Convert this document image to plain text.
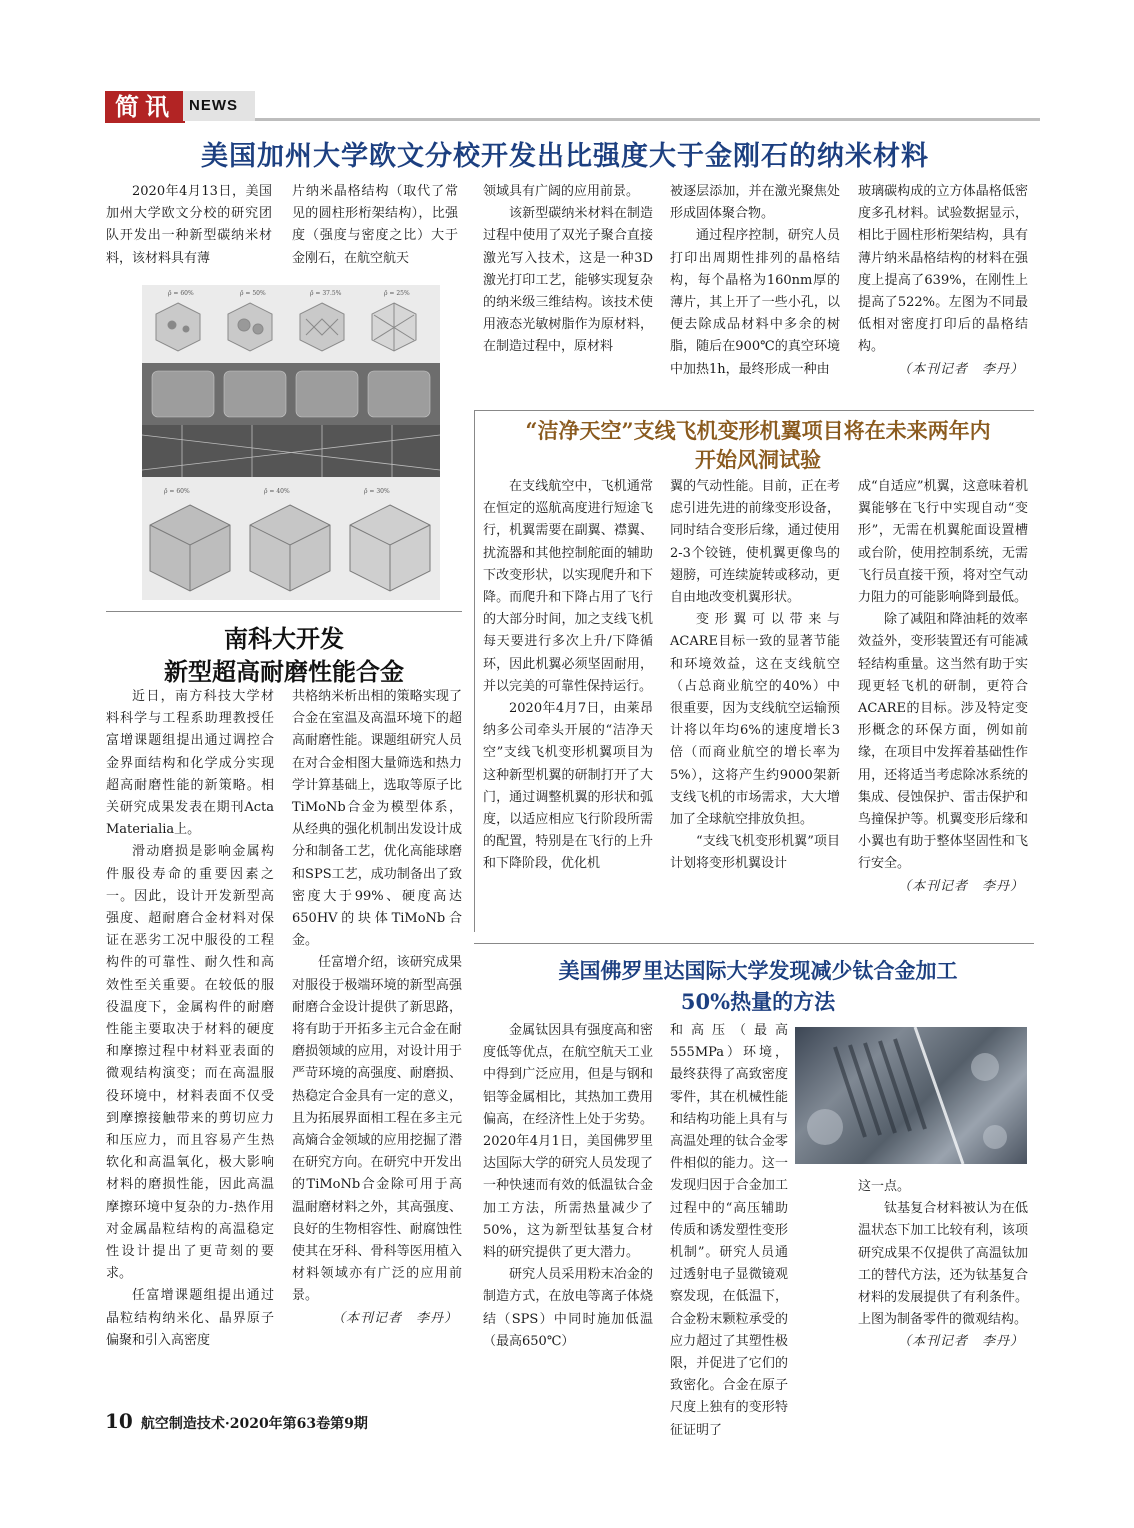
简讯 NEWS
美国加州大学欧文分校开发出比强度大于金刚石的纳米材料

2020年4月13日，美国加州大学欧文分校的研究团队开发出一种新型碳纳米材料，该材料具有薄

片纳米晶格结构（取代了常见的圆柱形桁架结构），比强度（强度与密度之比）大于金刚石，在航空航天

领域具有广阔的应用前景。

该新型碳纳米材料在制造过程中使用了双光子聚合直接激光写入技术，这是一种3D激光打印工艺，能够实现复杂的纳米级三维结构。该技术使用液态光敏树脂作为原材料，在制造过程中，原材料

被逐层添加，并在激光聚焦处形成固体聚合物。

通过程序控制，研究人员打印出周期性排列的晶格结构，每个晶格为160nm厚的薄片，其上开了一些小孔，以便去除成品材料中多余的树脂，随后在900℃的真空环境中加热1h，最终形成一种由

玻璃碳构成的立方体晶格低密度多孔材料。试验数据显示，相比于圆柱形桁架结构，具有薄片纳米晶格结构的材料在强度上提高了639%，在刚性上提高了522%。左图为不同最低相对密度打印后的晶格结构。

（本刊记者　李丹）

ρ̄ = 60%	ρ̄ = 50%	ρ̄ = 37.5%	ρ̄ = 25%
ρ̄ = 60%	ρ̄ = 40%	ρ̄ = 30%
南科大开发
新型超高耐磨性能合金

近日，南方科技大学材料科学与工程系助理教授任富增课题组提出通过调控合金界面结构和化学成分实现超高耐磨性能的新策略。相关研究成果发表在期刊Acta Materialia上。

滑动磨损是影响金属构件服役寿命的重要因素之一。因此，设计开发新型高强度、超耐磨合金材料对保证在恶劣工况中服役的工程构件的可靠性、耐久性和高效性至关重要。在较低的服役温度下，金属构件的耐磨性能主要取决于材料的硬度和摩擦过程中材料亚表面的微观结构演变；而在高温服役环境中，材料表面不仅受到摩擦接触带来的剪切应力和压应力，而且容易产生热软化和高温氧化，极大影响材料的磨损性能，因此高温摩擦环境中复杂的力-热作用对金属晶粒结构的高温稳定性设计提出了更苛刻的要求。

任富增课题组提出通过晶粒结构纳米化、晶界原子偏聚和引入高密度

共格纳米析出相的策略实现了合金在室温及高温环境下的超高耐磨性能。课题组研究人员在对合金相图大量筛选和热力学计算基础上，选取等原子比TiMoNb合金为模型体系，从经典的强化机制出发设计成分和制备工艺，优化高能球磨和SPS工艺，成功制备出了致密度大于99%、硬度高达650HV的块体TiMoNb合金。

任富增介绍，该研究成果对服役于极端环境的新型高强耐磨合金设计提供了新思路，将有助于开拓多主元合金在耐磨损领域的应用，对设计用于严苛环境的高强度、耐磨损、热稳定合金具有一定的意义，且为拓展界面相工程在多主元高熵合金领域的应用挖掘了潜在研究方向。在研究中开发出的TiMoNb合金除可用于高温耐磨材料之外，其高强度、良好的生物相容性、耐腐蚀性使其在牙科、骨科等医用植入材料领域亦有广泛的应用前景。

（本刊记者　李丹）

“洁净天空”支线飞机变形机翼项目将在未来两年内
开始风洞试验

在支线航空中，飞机通常在恒定的巡航高度进行短途飞行，机翼需要在副翼、襟翼、扰流器和其他控制舵面的辅助下改变形状，以实现爬升和下降。而爬升和下降占用了飞行的大部分时间，加之支线飞机每天要进行多次上升/下降循环，因此机翼必须坚固耐用，并以完美的可靠性保持运行。

2020年4月7日，由莱昂纳多公司牵头开展的“洁净天空”支线飞机变形机翼项目为这种新型机翼的研制打开了大门，通过调整机翼的形状和弧度，以适应相应飞行阶段所需的配置，特别是在飞行的上升和下降阶段，优化机

翼的气动性能。目前，正在考虑引进先进的前缘变形设备，同时结合变形后缘，通过使用2-3个铰链，使机翼更像鸟的翅膀，可连续旋转或移动，更自由地改变机翼形状。

变形翼可以带来与ACARE目标一致的显著节能和环境效益，这在支线航空（占总商业航空的40%）中很重要，因为支线航空运输预计将以年均6%的速度增长3倍（而商业航空的增长率为5%），这将产生约9000架新支线飞机的市场需求，大大增加了全球航空排放负担。

“支线飞机变形机翼”项目计划将变形机翼设计

成“自适应”机翼，这意味着机翼能够在飞行中实现自动“变形”，无需在机翼舵面设置槽或台阶，使用控制系统，无需飞行员直接干预，将对空气动力阻力的可能影响降到最低。

除了减阻和降油耗的效率效益外，变形装置还有可能减轻结构重量。这当然有助于实现更轻飞机的研制，更符合ACARE的目标。涉及特定变形概念的环保方面，例如前缘，在项目中发挥着基础性作用，还将适当考虑除冰系统的集成、侵蚀保护、雷击保护和鸟撞保护等。机翼变形后缘和小翼也有助于整体坚固性和飞行安全。

（本刊记者　李丹）

美国佛罗里达国际大学发现减少钛合金加工
50%热量的方法

金属钛因具有强度高和密度低等优点，在航空航天工业中得到广泛应用，但是与钢和铝等金属相比，其热加工费用偏高，在经济性上处于劣势。2020年4月1日，美国佛罗里达国际大学的研究人员发现了一种快速而有效的低温钛合金加工方法，所需热量减少了50%，这为新型钛基复合材料的研究提供了更大潜力。

研究人员采用粉末冶金的制造方式，在放电等离子体烧结（SPS）中同时施加低温（最高650℃）

和高压（最高555MPa）环境，最终获得了高致密度零件，其在机械性能和结构功能上具有与高温处理的钛合金零件相似的能力。这一发现归因于合金加工过程中的“高压辅助传质和诱发塑性变形机制”。研究人员通过透射电子显微镜观察发现，在低温下，合金粉末颗粒承受的应力超过了其塑性极限，并促进了它们的致密化。合金在原子尺度上独有的变形特征证明了

这一点。

钛基复合材料被认为在低温状态下加工比较有利，该项研究成果不仅提供了高温钛加工的替代方法，还为钛基复合材料的发展提供了有利条件。上图为制备零件的微观结构。

（本刊记者　李丹）

10 航空制造技术·2020年第63卷第9期
